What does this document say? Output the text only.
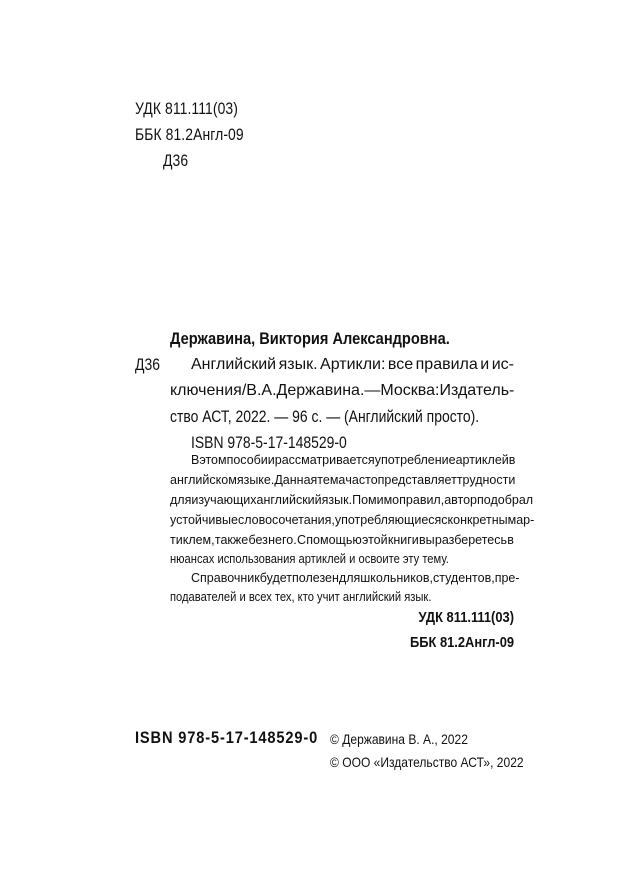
УДК 811.111(03)
ББК 81.2Англ-09
Д36
Державина, Виктория Александровна.
Д36 Английский язык. Артикли: все правила и ис-
ключения / В.А. Державина. — Москва : Издатель-
ство АСТ, 2022. — 96 с. — (Английский просто).
ISBN 978-5-17-148529-0
В этом пособии рассматривается употребление артиклей в
английском языке. Данная тема часто представляет трудности
для изучающих английский язык. Помимо правил, автор подобрал
устойчивые словосочетания, употребляющиеся с конкретным ар-
тиклем, также без него. С помощью этой книги вы разберетесь в
нюансах использования артиклей и освоите эту тему.
Справочник будет полезен для школьников, студентов, пре-
подавателей и всех тех, кто учит английский язык.
УДК 811.111(03)
ББК 81.2Англ-09
ISBN 978-5-17-148529-0 © Державина В. А., 2022
© ООО «Издательство АСТ», 2022
